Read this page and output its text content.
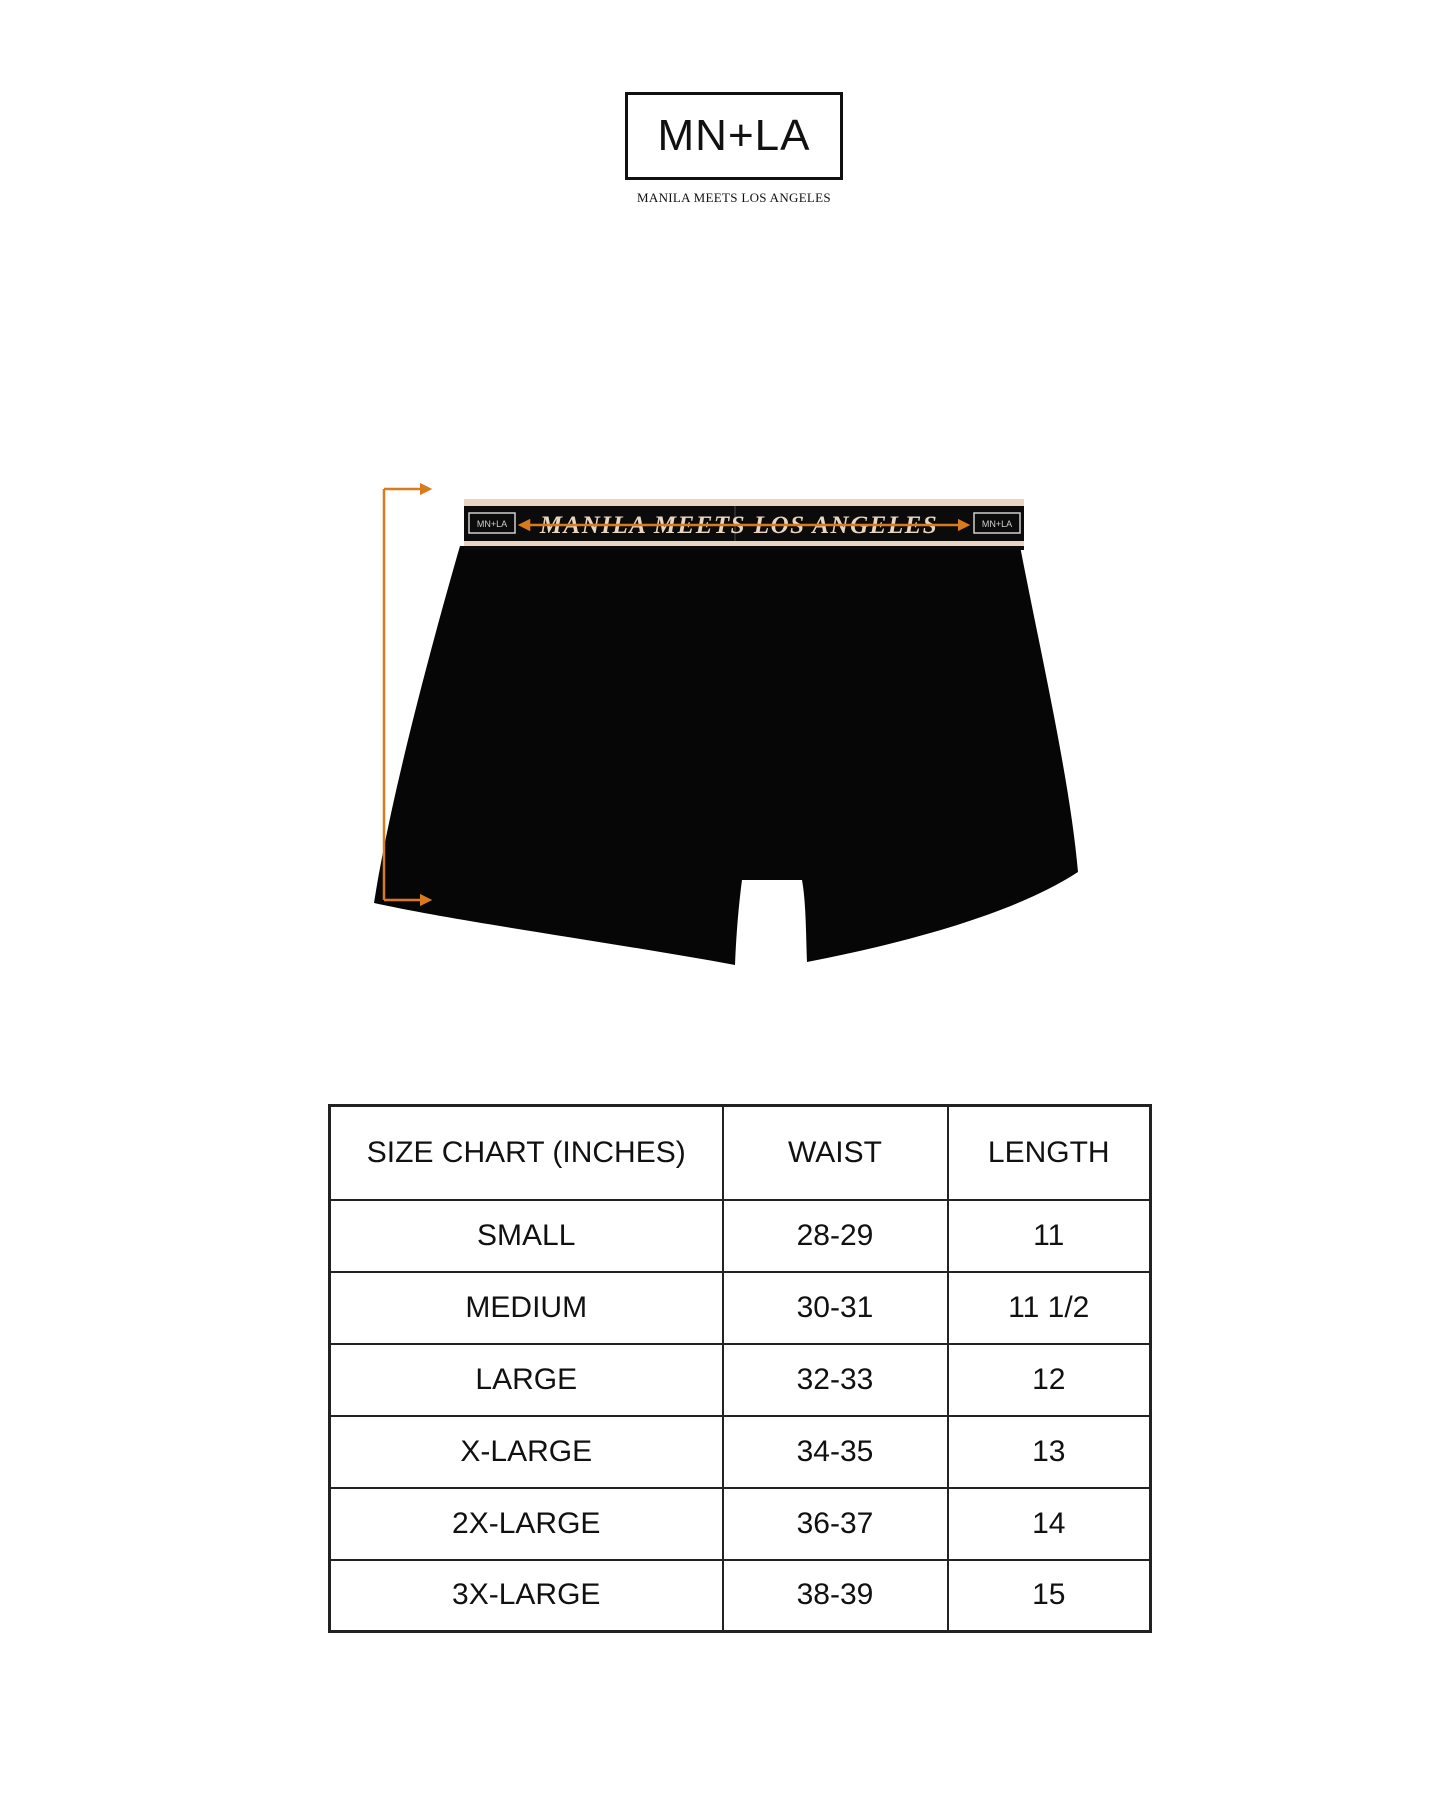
MN+LA
MANILA MEETS LOS ANGELES
MN+LA	MN+LA
MANILA MEETS LOS ANGELES
SIZE CHART (INCHES)	WAIST	LENGTH
SMALL	28-29	11
MEDIUM	30-31	11 1/2
LARGE	32-33	12
X-LARGE	34-35	13
2X-LARGE	36-37	14
3X-LARGE	38-39	15
